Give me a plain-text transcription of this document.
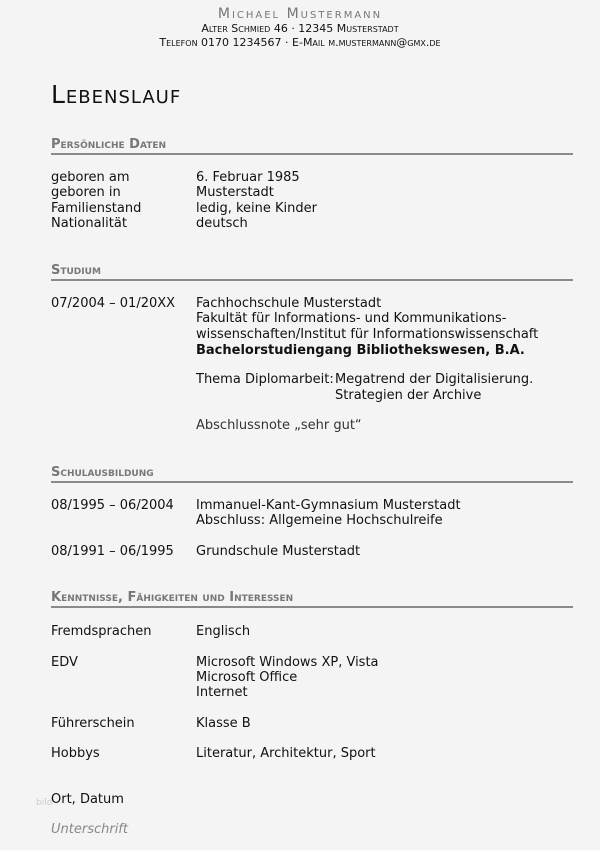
Michael Mustermann
Alter Schmied 46 · 12345 Musterstadt
Telefon 0170 1234567 · E-Mail m.mustermann@gmx.de
Lebenslauf
Persönliche Daten
geboren am	6. Februar 1985
geboren in	Musterstadt
Familienstand	ledig, keine Kinder
Nationalität	deutsch
Studium
07/2004 – 01/20XX Fachhochschule Musterstadt
Fakultät für Informations- und Kommunikations-
wissenschaften/Institut für Informationswissenschaft
Bachelorstudiengang Bibliothekswesen, B.A.
Thema Diplomarbeit: Megatrend der Digitalisierung.
Strategien der Archive
Abschlussnote „sehr gut“
Schulausbildung
08/1995 – 06/2004 Immanuel-Kant-Gymnasium Musterstadt
Abschluss: Allgemeine Hochschulreife
08/1991 – 06/1995 Grundschule Musterstadt
Kenntnisse, Fähigkeiten und Interessen
Fremdsprachen	Englisch
EDV	Microsoft Windows XP, Vista
Microsoft Office
Internet
Führerschein	Klasse B
Hobbys	Literatur, Architektur, Sport
bild
Ort, Datum
Unterschrift
